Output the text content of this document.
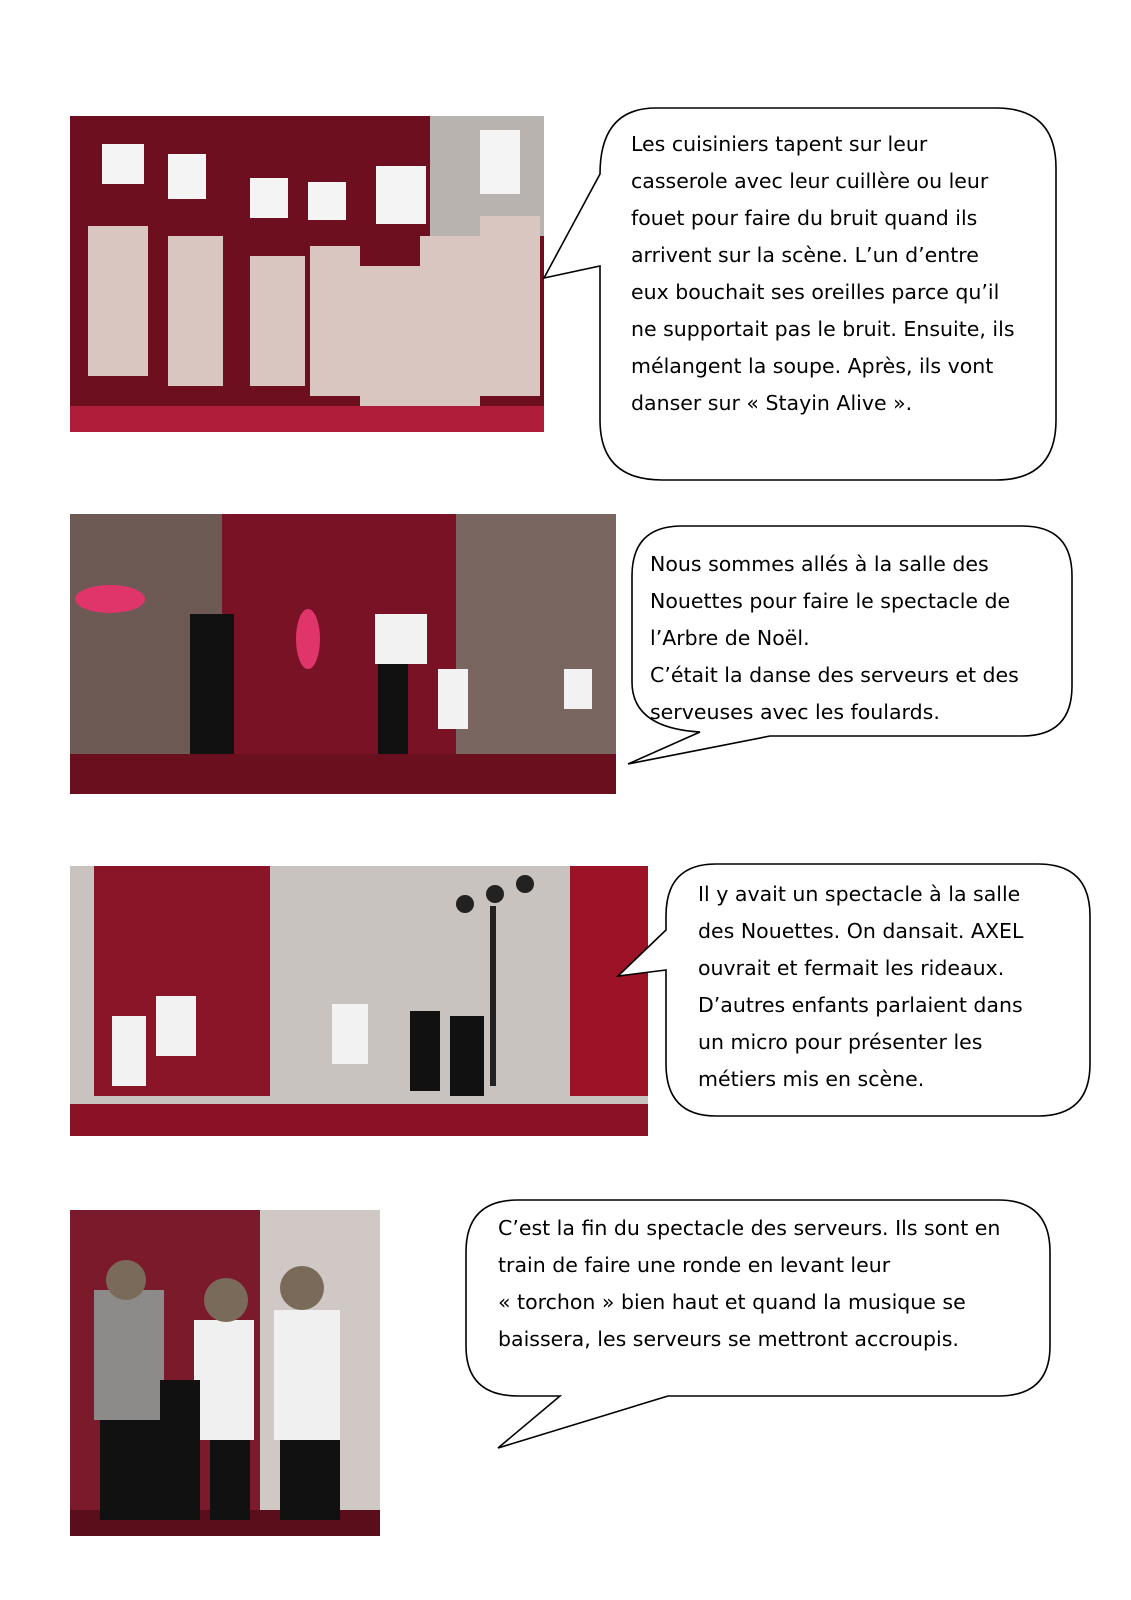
Les cuisiniers tapent sur leur
casserole avec leur cuillère ou leur
fouet pour faire du bruit quand ils
arrivent sur la scène. L’un d’entre
eux bouchait ses oreilles parce qu’il
ne supportait pas le bruit. Ensuite, ils
mélangent la soupe. Après, ils vont
danser sur « Stayin Alive ».

Nous sommes allés à la salle des
Nouettes pour faire le spectacle de
l’Arbre de Noël.
C’était la danse des serveurs et des
serveuses avec les foulards.

Il y avait un spectacle à la salle
des Nouettes. On dansait. AXEL
ouvrait et fermait les rideaux.
D’autres enfants parlaient dans
un micro pour présenter les
métiers mis en scène.

C’est la fin du spectacle des serveurs. Ils sont en
train de faire une ronde en levant leur
« torchon » bien haut et quand la musique se
baissera, les serveurs se mettront accroupis.
